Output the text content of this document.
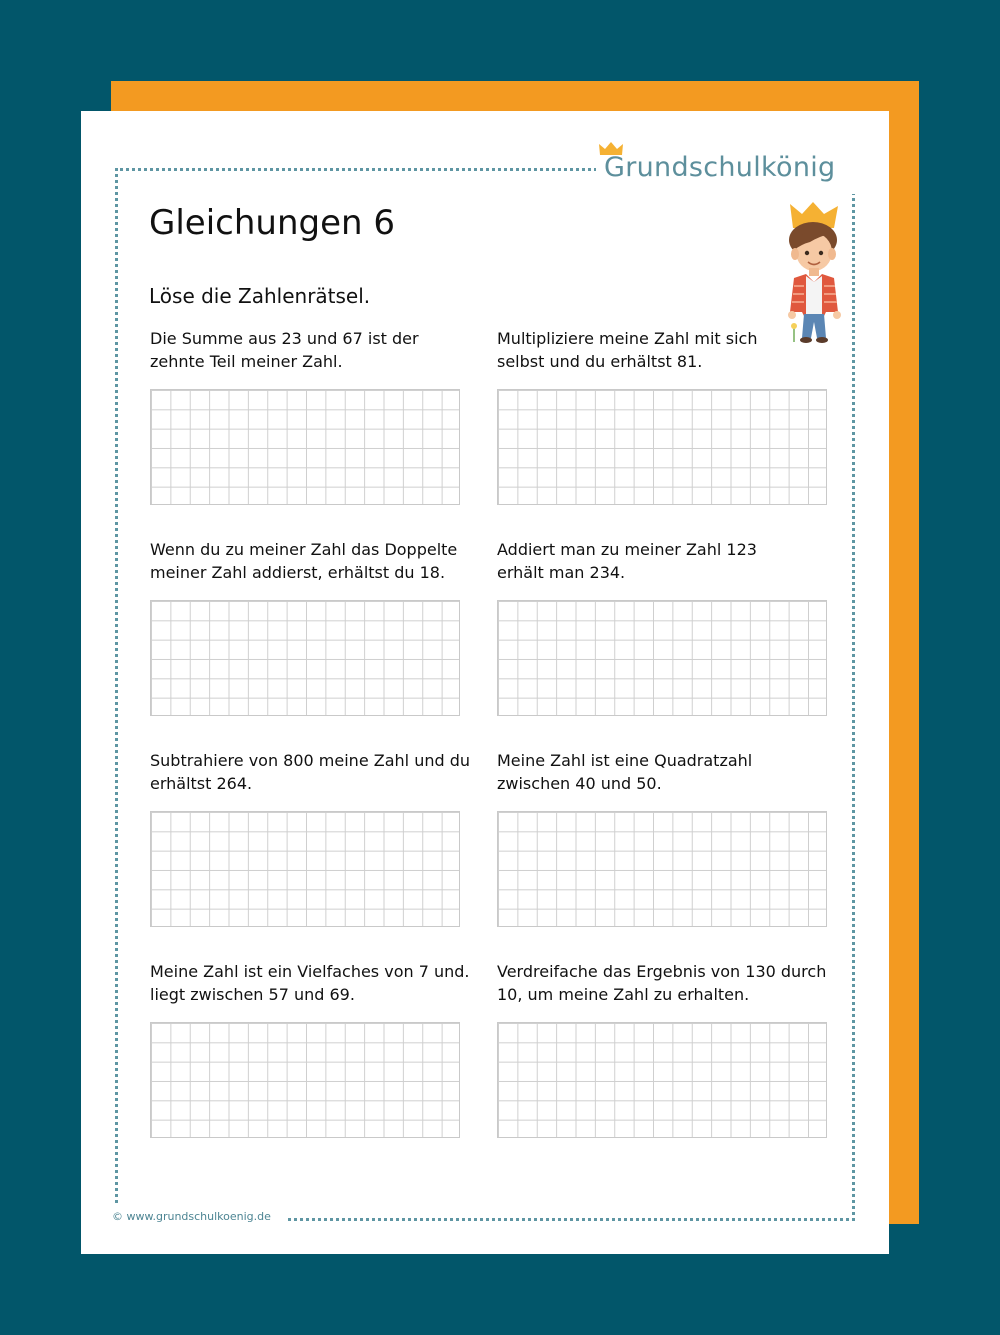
Grundschulkönig
© www.grundschulkoenig.de
Gleichungen 6
Löse die Zahlenrätsel.
Die Summe aus 23 und 67 ist der
zehnte Teil meiner Zahl.
Multipliziere meine Zahl mit sich
selbst und du erhältst 81.
Wenn du zu meiner Zahl das Doppelte
meiner Zahl addierst, erhältst du 18.
Addiert man zu meiner Zahl 123
erhält man 234.
Subtrahiere von 800 meine Zahl und du
erhältst 264.
Meine Zahl ist eine Quadratzahl
zwischen 40 und 50.
Meine Zahl ist ein Vielfaches von 7 und.
liegt zwischen 57 und 69.
Verdreifache das Ergebnis von 130 durch
10, um meine Zahl zu erhalten.
